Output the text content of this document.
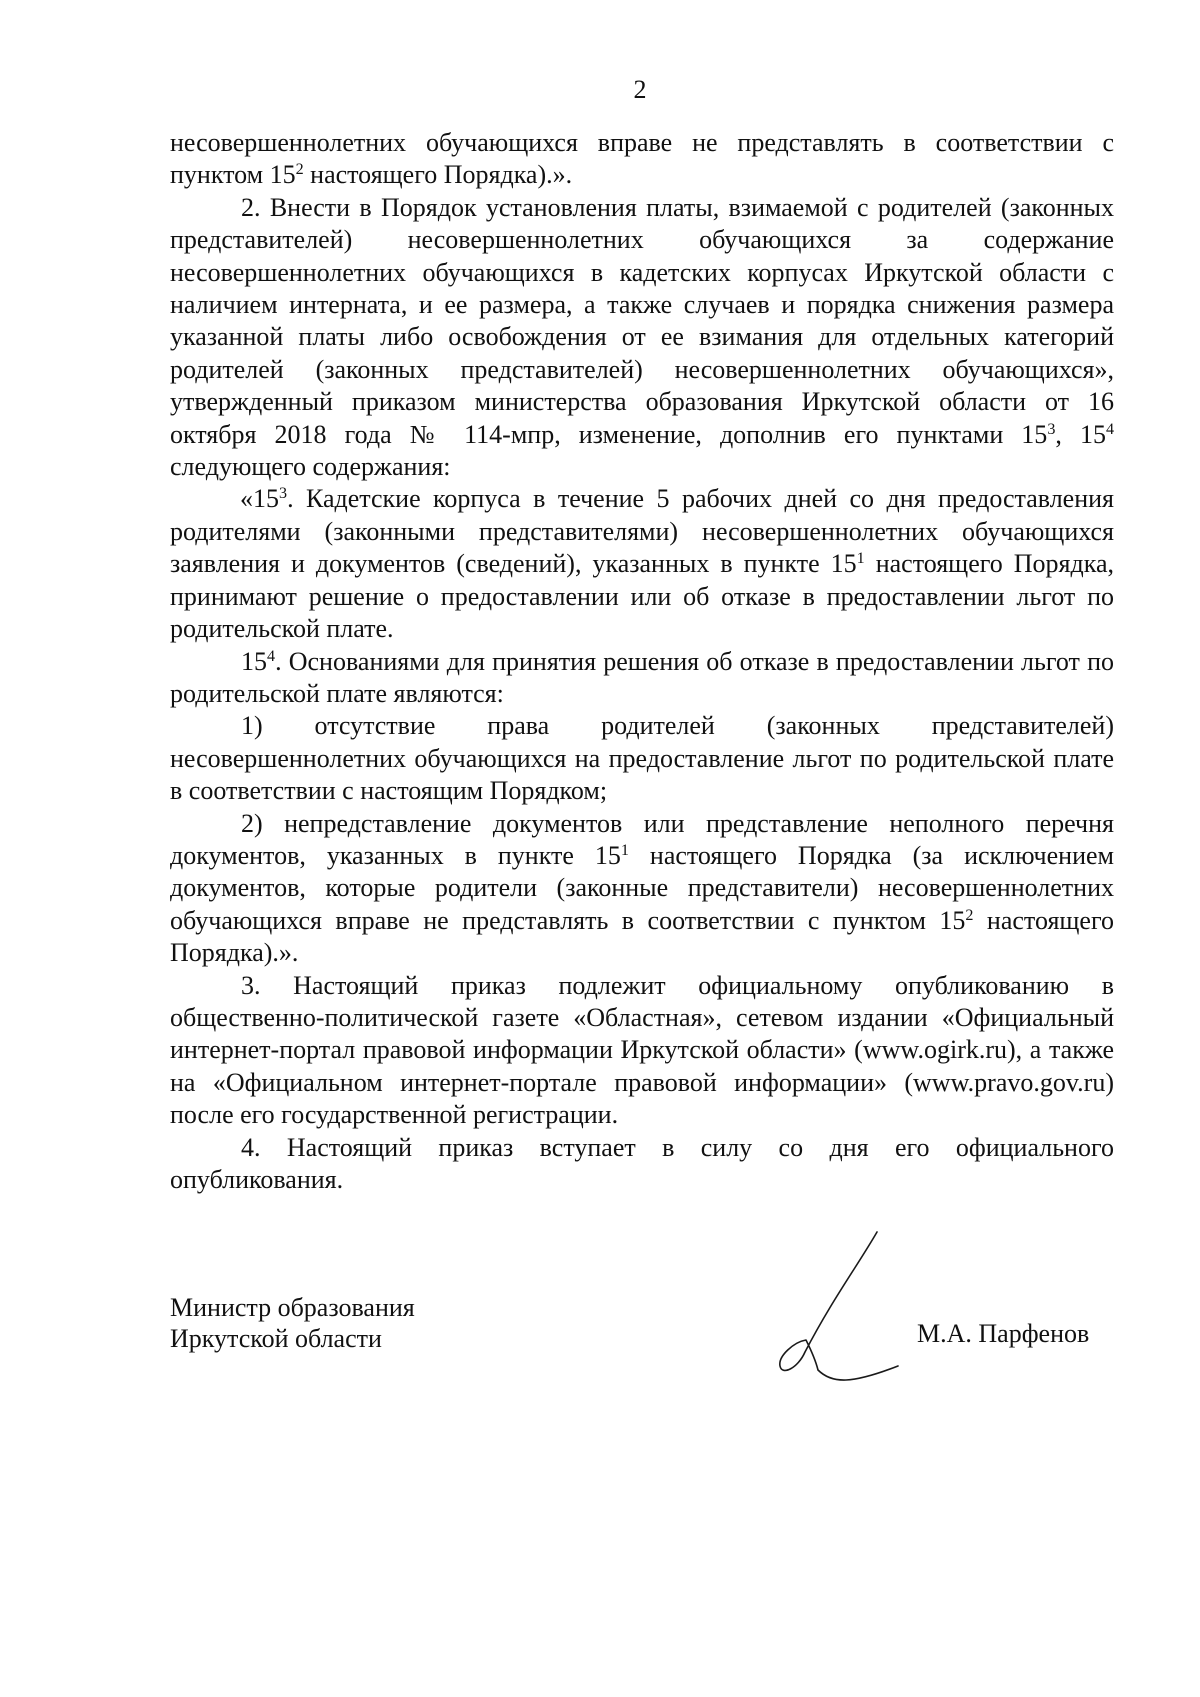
2

несовершеннолетних обучающихся вправе не представлять в соответствии с пунктом $15^2$ настоящего Порядка).».

2. Внести в Порядок установления платы, взимаемой с родителей (законных представителей) несовершеннолетних обучающихся за содержание несовершеннолетних обучающихся в кадетских корпусах Иркутской области с наличием интерната, и ее размера, а также случаев и порядка снижения размера указанной платы либо освобождения от ее взимания для отдельных категорий родителей (законных представителей) несовершеннолетних обучающихся», утвержденный приказом министерства образования Иркутской области от 16 октября 2018 года № 114-мпр, изменение, дополнив его пунктами $15^3$, $15^4$ следующего содержания:

«$15^3$. Кадетские корпуса в течение 5 рабочих дней со дня предоставления родителями (законными представителями) несовершеннолетних обучающихся заявления и документов (сведений), указанных в пункте $15^1$ настоящего Порядка, принимают решение о предоставлении или об отказе в предоставлении льгот по родительской плате.

$15^4$. Основаниями для принятия решения об отказе в предоставлении льгот по родительской плате являются:

1) отсутствие права родителей (законных представителей) несовершеннолетних обучающихся на предоставление льгот по родительской плате в соответствии с настоящим Порядком;

2) непредставление документов или представление неполного перечня документов, указанных в пункте $15^1$ настоящего Порядка (за исключением документов, которые родители (законные представители) несовершеннолетних обучающихся вправе не представлять в соответствии с пунктом $15^2$ настоящего Порядка).».

3. Настоящий приказ подлежит официальному опубликованию в общественно-политической газете «Областная», сетевом издании «Официальный интернет-портал правовой информации Иркутской области» (www.ogirk.ru), а также на «Официальном интернет-портале правовой информации» (www.pravo.gov.ru) после его государственной регистрации.

4. Настоящий приказ вступает в силу со дня его официального опубликования.

Министр образования
Иркутской области	М.А. Парфенов
